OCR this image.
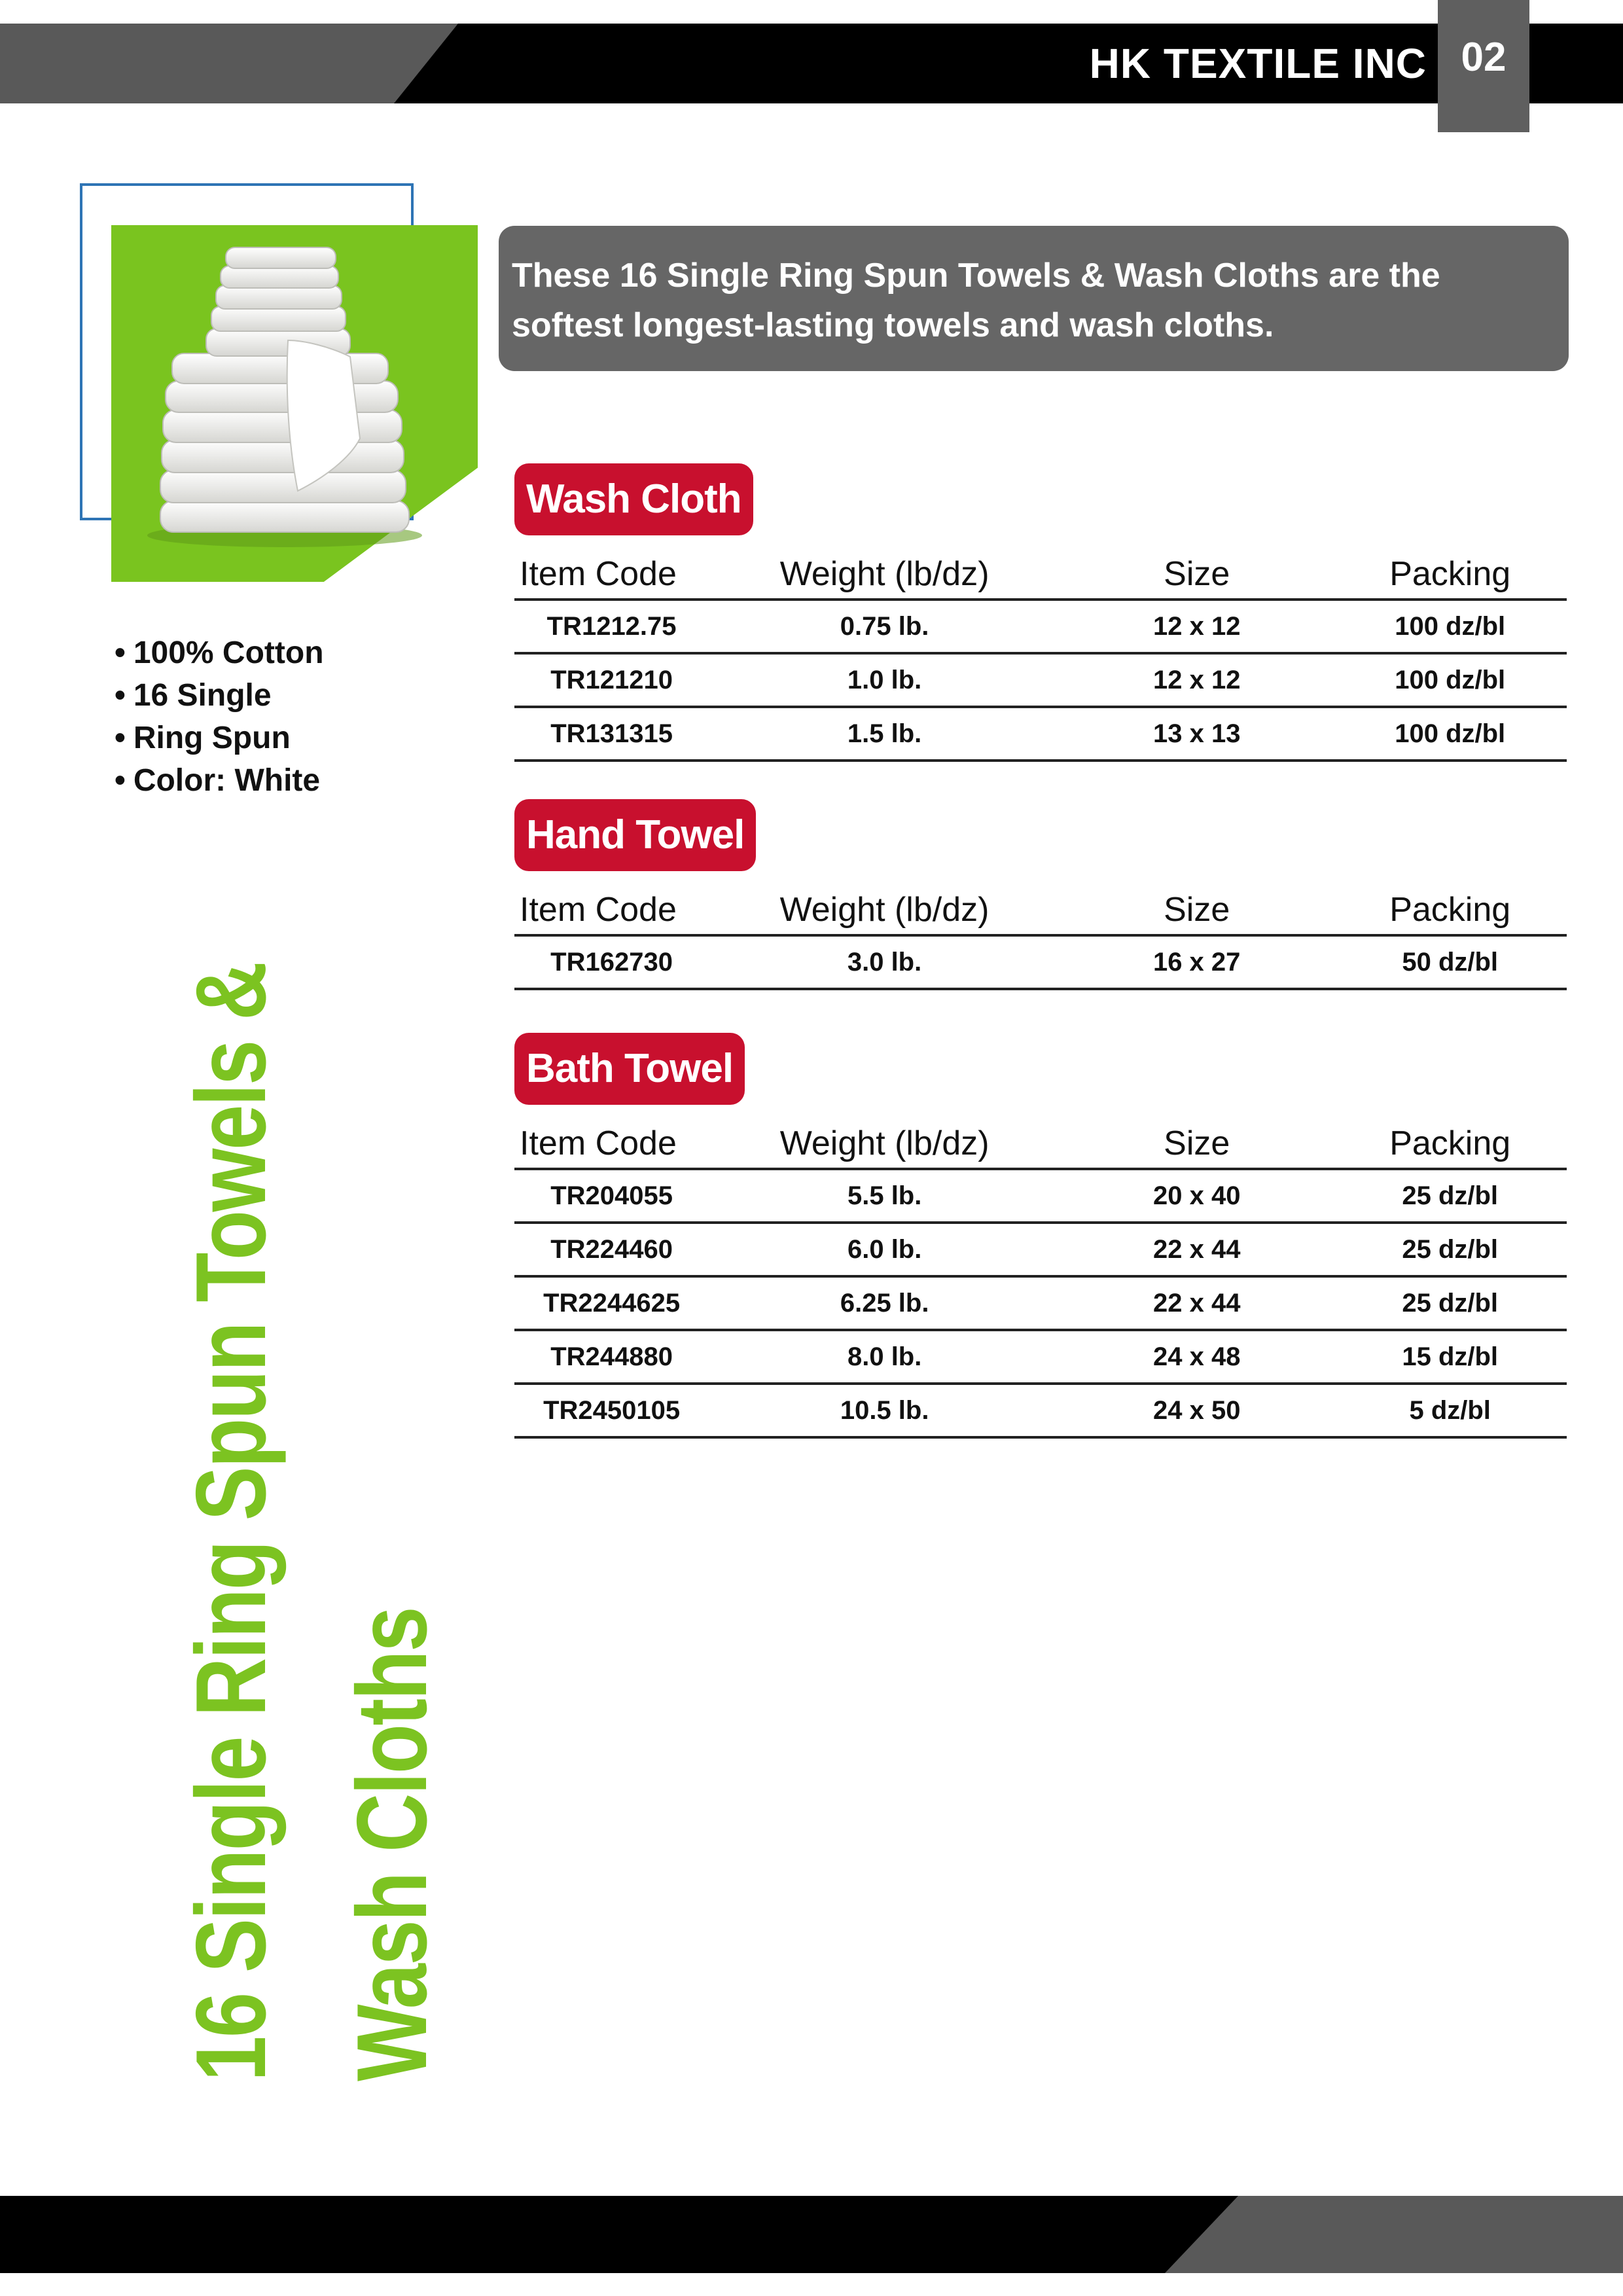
HK TEXTILE INC 02
• 100% Cotton
• 16 Single
• Ring Spun
• Color: White
16 Single Ring Spun Towels & Wash Cloths
These 16 Single Ring Spun Towels & Wash Cloths are the softest longest-lasting towels and wash cloths.
Wash Cloth
Item Code	Weight (lb/dz)	Size	Packing
TR1212.75	0.75 lb.	12 x 12	100 dz/bl
TR121210	1.0 lb.	12 x 12	100 dz/bl
TR131315	1.5 lb.	13 x 13	100 dz/bl
Hand Towel
Item Code	Weight (lb/dz)	Size	Packing
TR162730	3.0 lb.	16 x 27	50 dz/bl
Bath Towel
Item Code	Weight (lb/dz)	Size	Packing
TR204055	5.5 lb.	20 x 40	25 dz/bl
TR224460	6.0 lb.	22 x 44	25 dz/bl
TR2244625	6.25 lb.	22 x 44	25 dz/bl
TR244880	8.0 lb.	24 x 48	15 dz/bl
TR2450105	10.5 lb.	24 x 50	5 dz/bl
